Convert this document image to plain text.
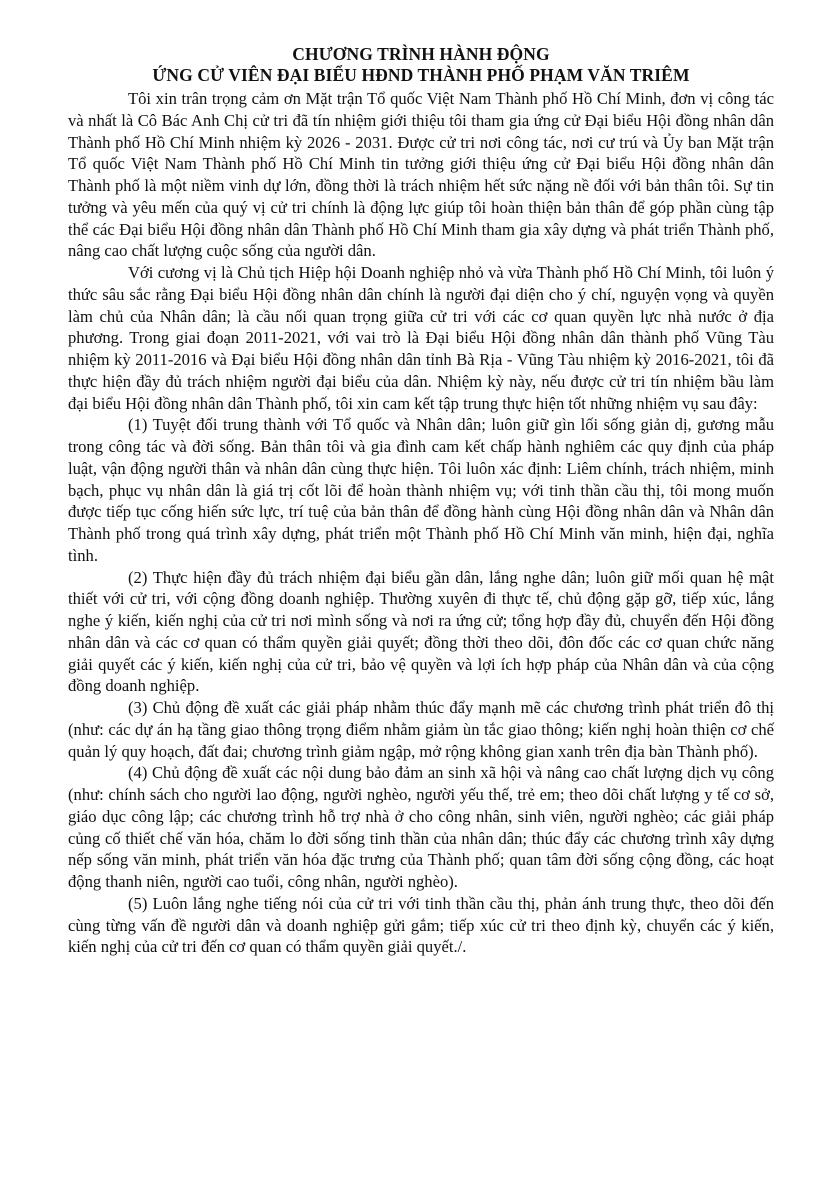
CHƯƠNG TRÌNH HÀNH ĐỘNG

ỨNG CỬ VIÊN ĐẠI BIỂU HĐND THÀNH PHỐ PHẠM VĂN TRIÊM

Tôi xin trân trọng cảm ơn Mặt trận Tổ quốc Việt Nam Thành phố Hồ Chí Minh, đơn vị công tác và nhất là Cô Bác Anh Chị cử tri đã tín nhiệm giới thiệu tôi tham gia ứng cử Đại biểu Hội đồng nhân dân Thành phố Hồ Chí Minh nhiệm kỳ 2026 - 2031. Được cử tri nơi công tác, nơi cư trú và Ủy ban Mặt trận Tổ quốc Việt Nam Thành phố Hồ Chí Minh tin tưởng giới thiệu ứng cử Đại biểu Hội đồng nhân dân Thành phố là một niềm vinh dự lớn, đồng thời là trách nhiệm hết sức nặng nề đối với bản thân tôi. Sự tin tưởng và yêu mến của quý vị cử tri chính là động lực giúp tôi hoàn thiện bản thân để góp phần cùng tập thể các Đại biểu Hội đồng nhân dân Thành phố Hồ Chí Minh tham gia xây dựng và phát triển Thành phố, nâng cao chất lượng cuộc sống của người dân.

Với cương vị là Chủ tịch Hiệp hội Doanh nghiệp nhỏ và vừa Thành phố Hồ Chí Minh, tôi luôn ý thức sâu sắc rằng Đại biểu Hội đồng nhân dân chính là người đại diện cho ý chí, nguyện vọng và quyền làm chủ của Nhân dân; là cầu nối quan trọng giữa cử tri với các cơ quan quyền lực nhà nước ở địa phương. Trong giai đoạn 2011-2021, với vai trò là Đại biểu Hội đồng nhân dân thành phố Vũng Tàu nhiệm kỳ 2011-2016 và Đại biểu Hội đồng nhân dân tỉnh Bà Rịa - Vũng Tàu nhiệm kỳ 2016-2021, tôi đã thực hiện đầy đủ trách nhiệm người đại biểu của dân. Nhiệm kỳ này, nếu được cử tri tín nhiệm bầu làm đại biểu Hội đồng nhân dân Thành phố, tôi xin cam kết tập trung thực hiện tốt những nhiệm vụ sau đây:

(1) Tuyệt đối trung thành với Tổ quốc và Nhân dân; luôn giữ gìn lối sống giản dị, gương mẫu trong công tác và đời sống. Bản thân tôi và gia đình cam kết chấp hành nghiêm các quy định của pháp luật, vận động người thân và nhân dân cùng thực hiện. Tôi luôn xác định: Liêm chính, trách nhiệm, minh bạch, phục vụ nhân dân là giá trị cốt lõi để hoàn thành nhiệm vụ; với tinh thần cầu thị, tôi mong muốn được tiếp tục cống hiến sức lực, trí tuệ của bản thân để đồng hành cùng Hội đồng nhân dân và Nhân dân Thành phố trong quá trình xây dựng, phát triển một Thành phố Hồ Chí Minh văn minh, hiện đại, nghĩa tình.

(2) Thực hiện đầy đủ trách nhiệm đại biểu gần dân, lắng nghe dân; luôn giữ mối quan hệ mật thiết với cử tri, với cộng đồng doanh nghiệp. Thường xuyên đi thực tế, chủ động gặp gỡ, tiếp xúc, lắng nghe ý kiến, kiến nghị của cử tri nơi mình sống và nơi ra ứng cử; tổng hợp đầy đủ, chuyển đến Hội đồng nhân dân và các cơ quan có thẩm quyền giải quyết; đồng thời theo dõi, đôn đốc các cơ quan chức năng giải quyết các ý kiến, kiến nghị của cử tri, bảo vệ quyền và lợi ích hợp pháp của Nhân dân và của cộng đồng doanh nghiệp.

(3) Chủ động đề xuất các giải pháp nhằm thúc đẩy mạnh mẽ các chương trình phát triển đô thị (như: các dự án hạ tầng giao thông trọng điểm nhằm giảm ùn tắc giao thông; kiến nghị hoàn thiện cơ chế quản lý quy hoạch, đất đai; chương trình giảm ngập, mở rộng không gian xanh trên địa bàn Thành phố).

(4) Chủ động đề xuất các nội dung bảo đảm an sinh xã hội và nâng cao chất lượng dịch vụ công (như: chính sách cho người lao động, người nghèo, người yếu thế, trẻ em; theo dõi chất lượng y tế cơ sở, giáo dục công lập; các chương trình hỗ trợ nhà ở cho công nhân, sinh viên, người nghèo; các giải pháp củng cố thiết chế văn hóa, chăm lo đời sống tinh thần của nhân dân; thúc đẩy các chương trình xây dựng nếp sống văn minh, phát triển văn hóa đặc trưng của Thành phố; quan tâm đời sống cộng đồng, các hoạt động thanh niên, người cao tuổi, công nhân, người nghèo).

(5) Luôn lắng nghe tiếng nói của cử tri với tinh thần cầu thị, phản ánh trung thực, theo dõi đến cùng từng vấn đề người dân và doanh nghiệp gửi gắm; tiếp xúc cử tri theo định kỳ, chuyển các ý kiến, kiến nghị của cử tri đến cơ quan có thẩm quyền giải quyết./.
